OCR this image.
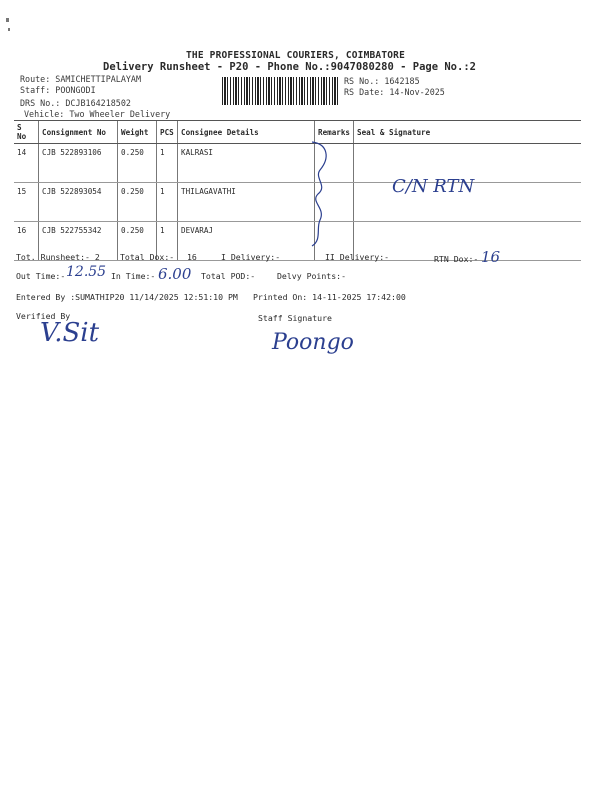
THE PROFESSIONAL COURIERS, COIMBATORE
Delivery Runsheet - P20 - Phone No.:9047080280 - Page No.:2
Route: SAMICHETTIPALAYAM
Staff: POONGODI
DRS No.: DCJB164218502
Vehicle: Two Wheeler Delivery
RS No.: 1642185
RS Date: 14-Nov-2025
S No	Consignment No	Weight	PCS	Consignee Details	Remarks	Seal & Signature
14	CJB 522893106	0.250	1	KALRASI		
15	CJB 522893054	0.250	1	THILAGAVATHI		
16	CJB 522755342	0.250	1	DEVARAJ		
C/N RTN
Tot. Runsheet:- 2 Total Dox:- 16	I Delivery:-	II Delivery:-	RTN Dox:- 16
Out Time:- 12.55 In Time:- 6.00 Total POD:-	Delvy Points:-
Entered By :SUMATHIP20 11/14/2025 12:51:10 PM Printed On: 14-11-2025 17:42:00
Verified By	Staff Signature
V.Sit	Poongo
